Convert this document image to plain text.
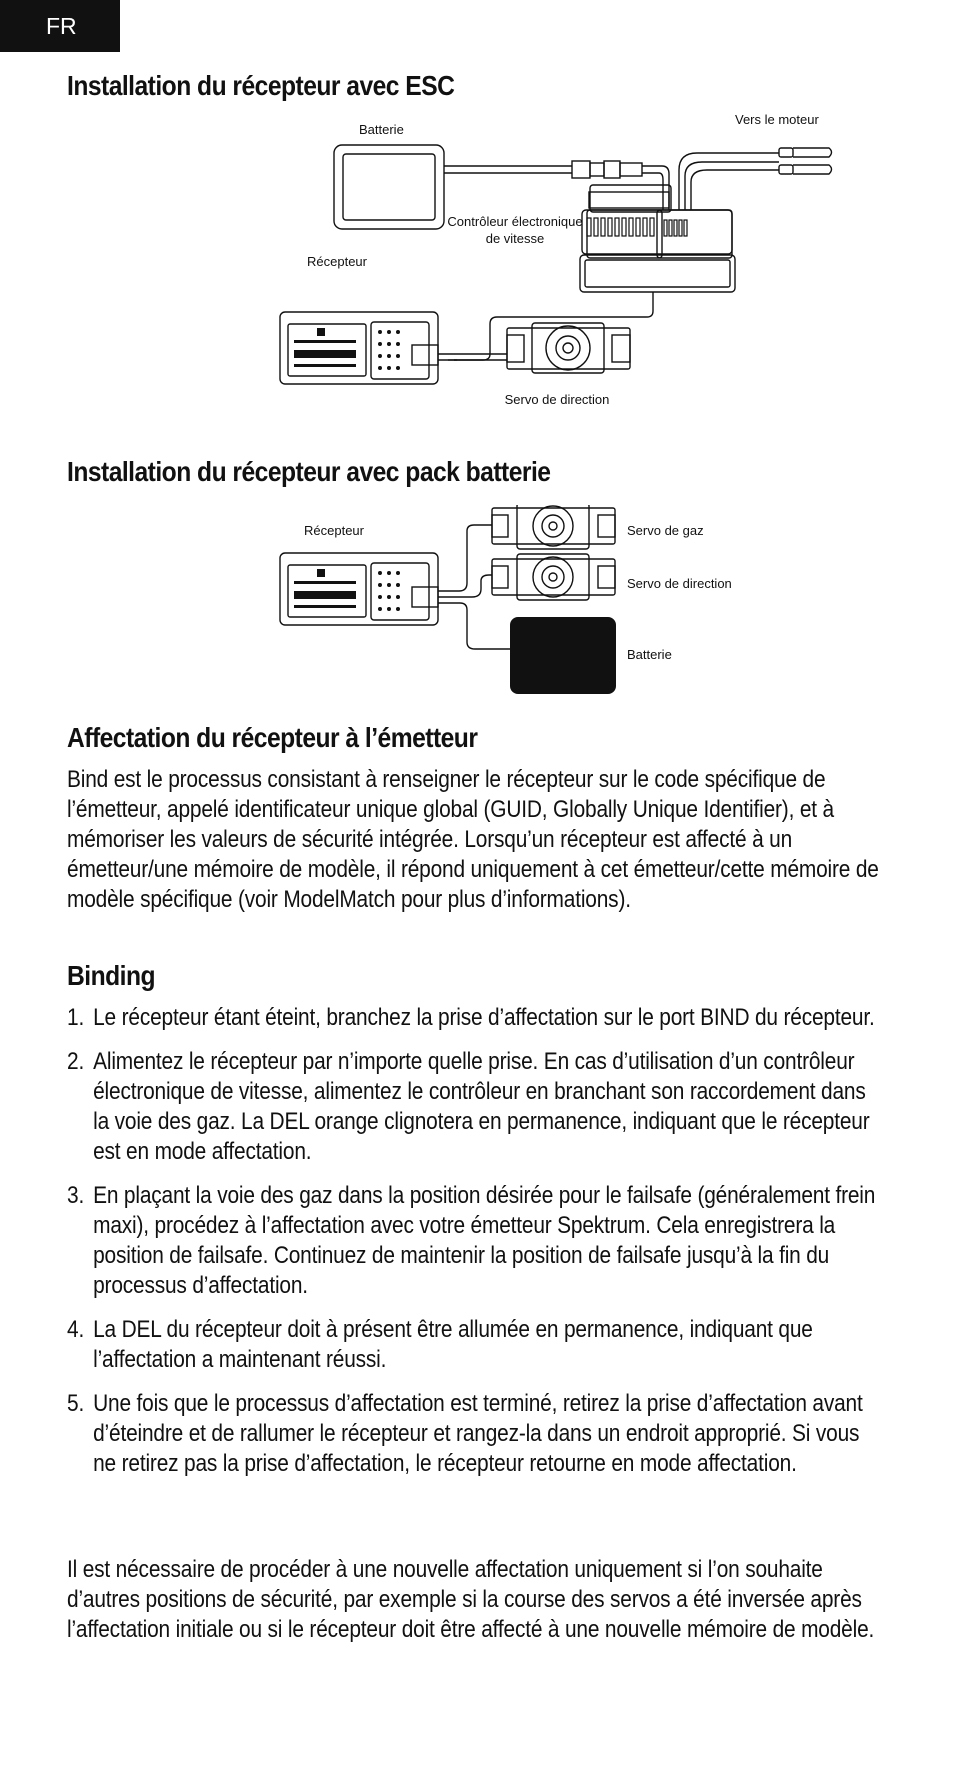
FR
Installation du récepteur avec ESC
Batterie
Vers le moteur
Contrôleur électronique
de vitesse
Récepteur
Servo de direction
Installation du récepteur avec pack batterie
Récepteur	Servo de gaz
Servo de direction
Batterie
Affectation du récepteur à l’émetteur

Bind est le processus consistant à renseigner le récepteur sur le code spécifique de l’émetteur, appelé identificateur unique global (GUID, Globally Unique Identifier), et à mémoriser les valeurs de sécurité intégrée. Lorsqu’un récepteur est affecté à un émetteur/une mémoire de modèle, il répond uniquement à cet émetteur/cette mémoire de modèle spécifique (voir ModelMatch pour plus d’informations).

Binding
1. Le récepteur étant éteint, branchez la prise d’affectation sur le port BIND du récepteur.
2. Alimentez le récepteur par n’importe quelle prise. En cas d’utilisation d’un contrôleur électronique de vitesse, alimentez le contrôleur en branchant son raccordement dans la voie des gaz. La DEL orange clignotera en permanence, indiquant que le récepteur est en mode affectation.
3. En plaçant la voie des gaz dans la position désirée pour le failsafe (généralement frein maxi), procédez à l’affectation avec votre émetteur Spektrum. Cela enregistrera la position de failsafe. Continuez de maintenir la position de failsafe jusqu’à la fin du processus d’affectation.
4. La DEL du récepteur doit à présent être allumée en permanence, indiquant que l’affectation a maintenant réussi.
5. Une fois que le processus d’affectation est terminé, retirez la prise d’affectation avant d’éteindre et de rallumer le récepteur et rangez-la dans un endroit approprié. Si vous ne retirez pas la prise d’affectation, le récepteur retourne en mode affectation.

Il est nécessaire de procéder à une nouvelle affectation uniquement si l’on souhaite d’autres positions de sécurité, par exemple si la course des servos a été inversée après l’affectation initiale ou si le récepteur doit être affecté à une nouvelle mémoire de modèle.
